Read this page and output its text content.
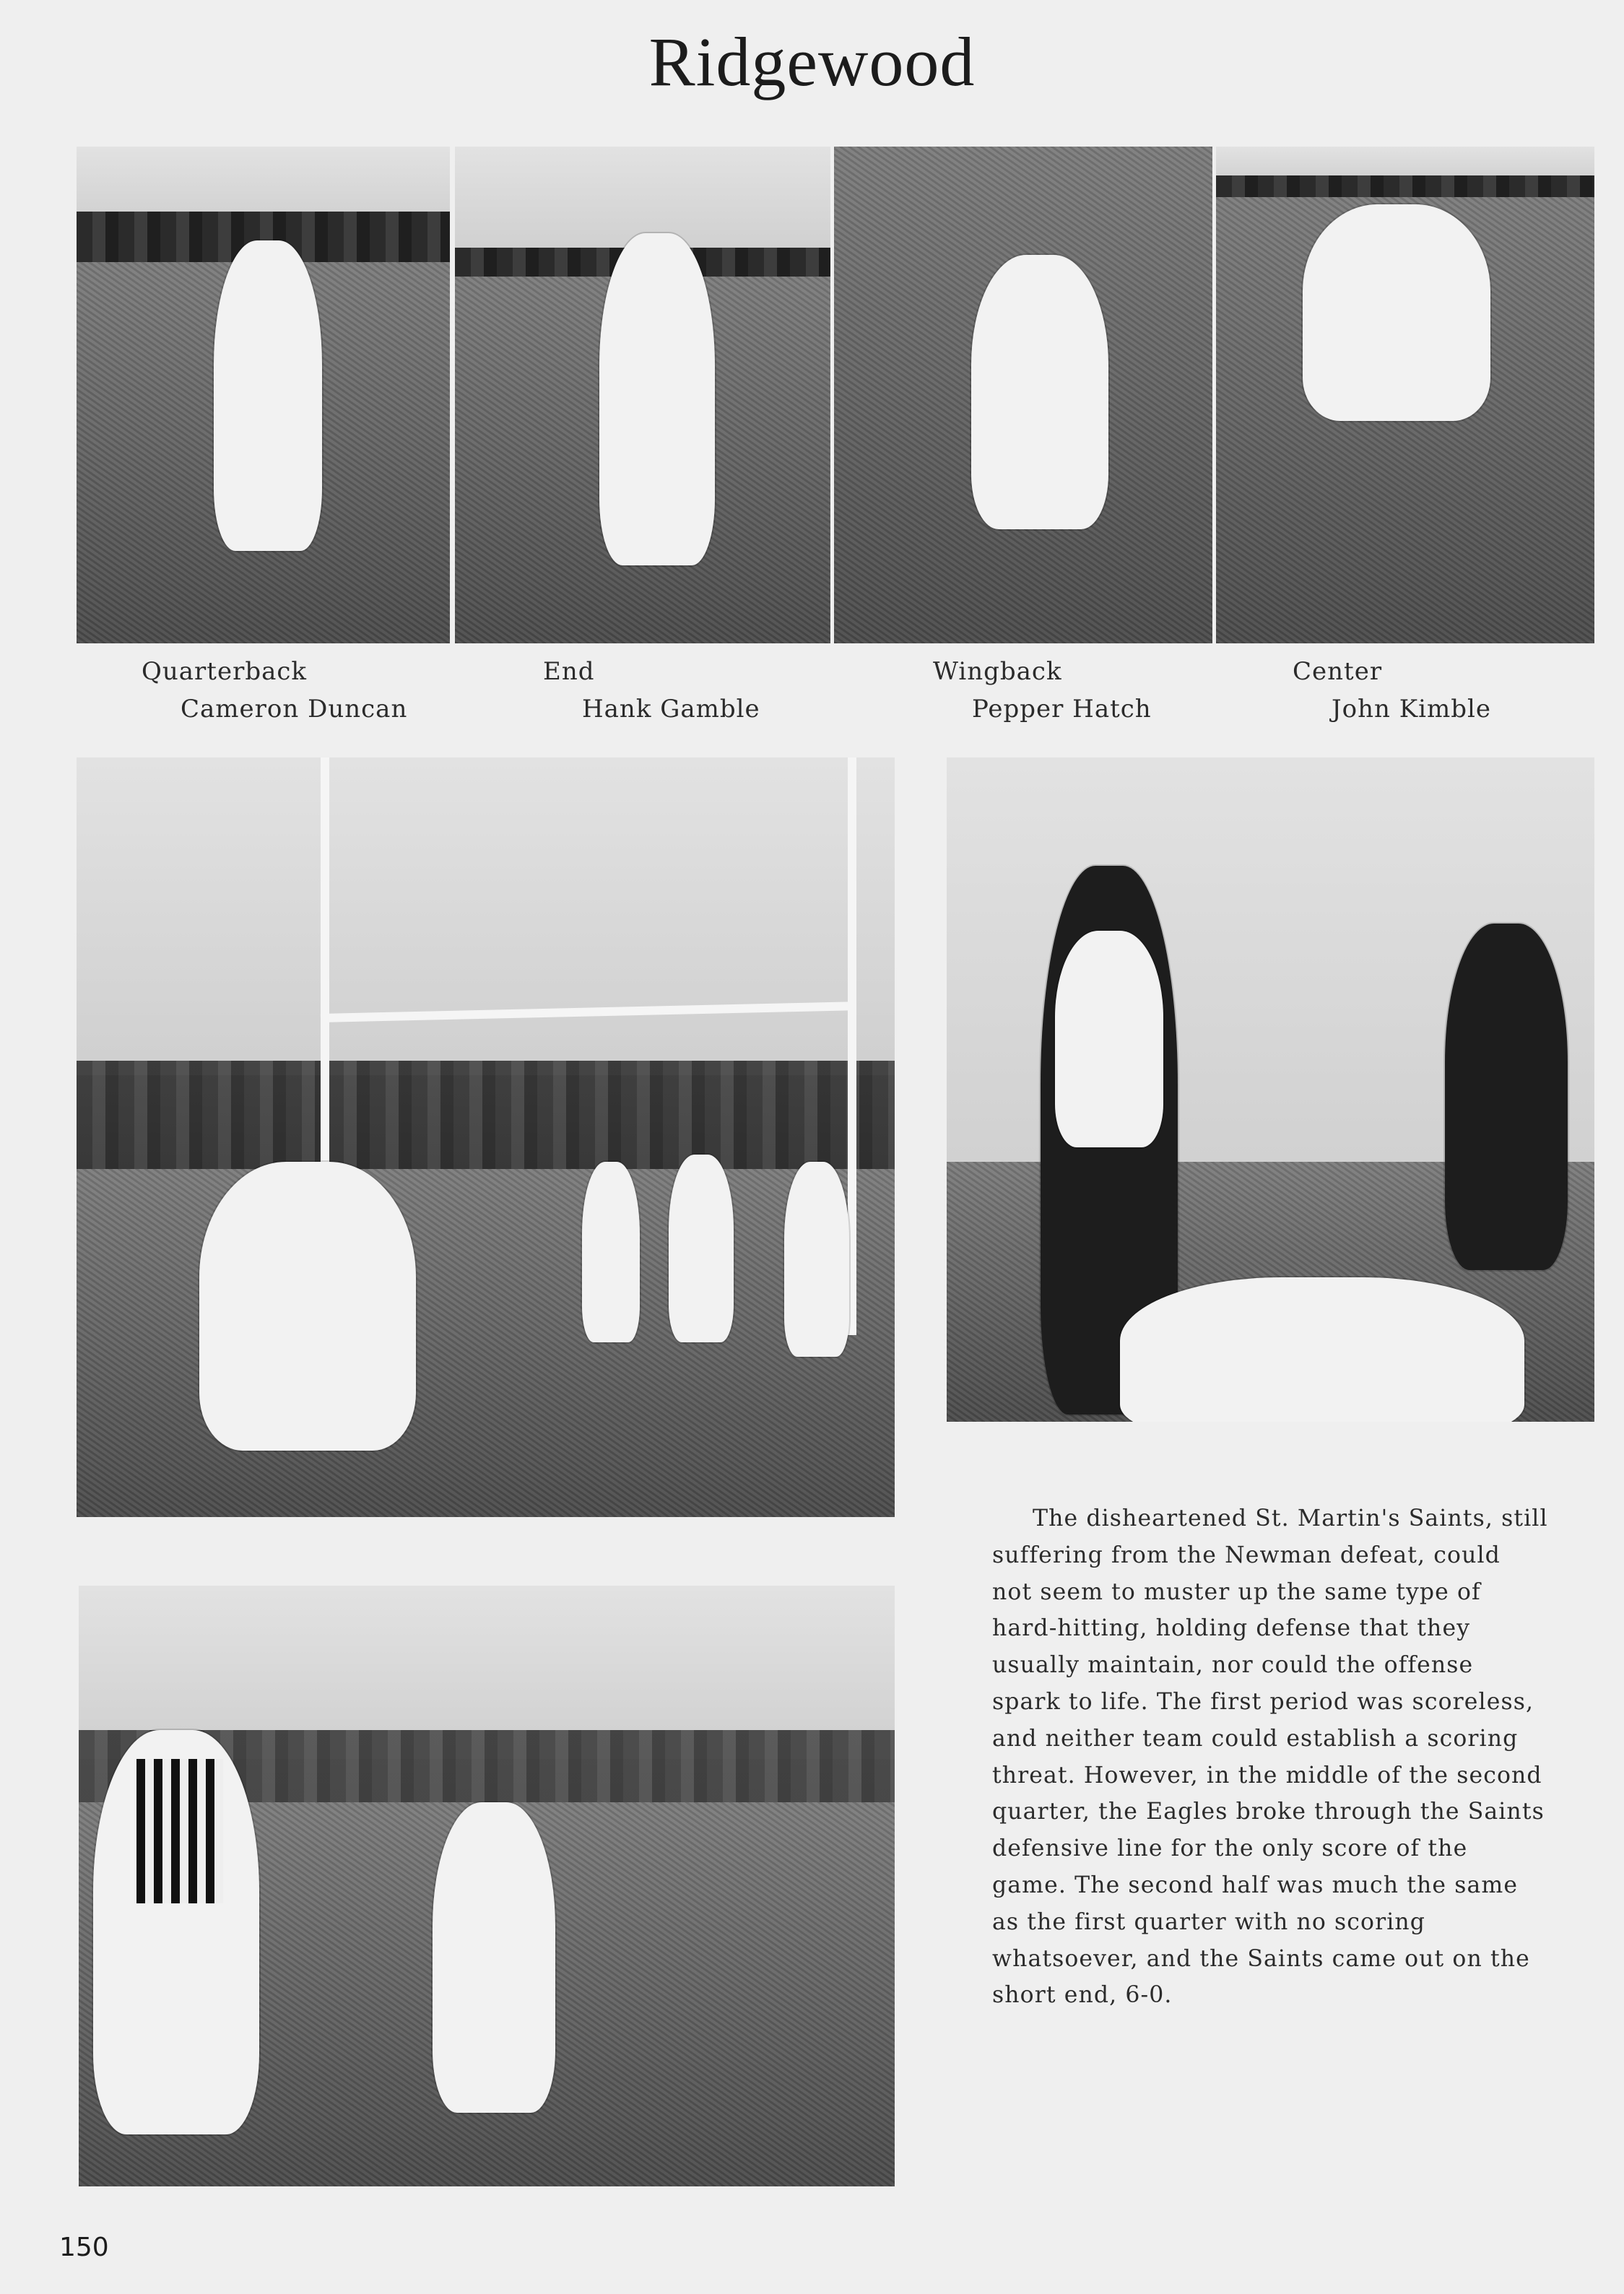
Ridgewood
Quarterback
Cameron Duncan
End
Hank Gamble
Wingback
Pepper Hatch
Center
John Kimble

The disheartened St. Martin's Saints, still suffering from the Newman defeat, could not seem to muster up the same type of hard-hitting, holding defense that they usually maintain, nor could the offense spark to life. The first period was scoreless, and neither team could establish a scoring threat. However, in the middle of the second quarter, the Eagles broke through the Saints defensive line for the only score of the game. The second half was much the same as the first quarter with no scoring whatsoever, and the Saints came out on the short end, 6-0.

150
